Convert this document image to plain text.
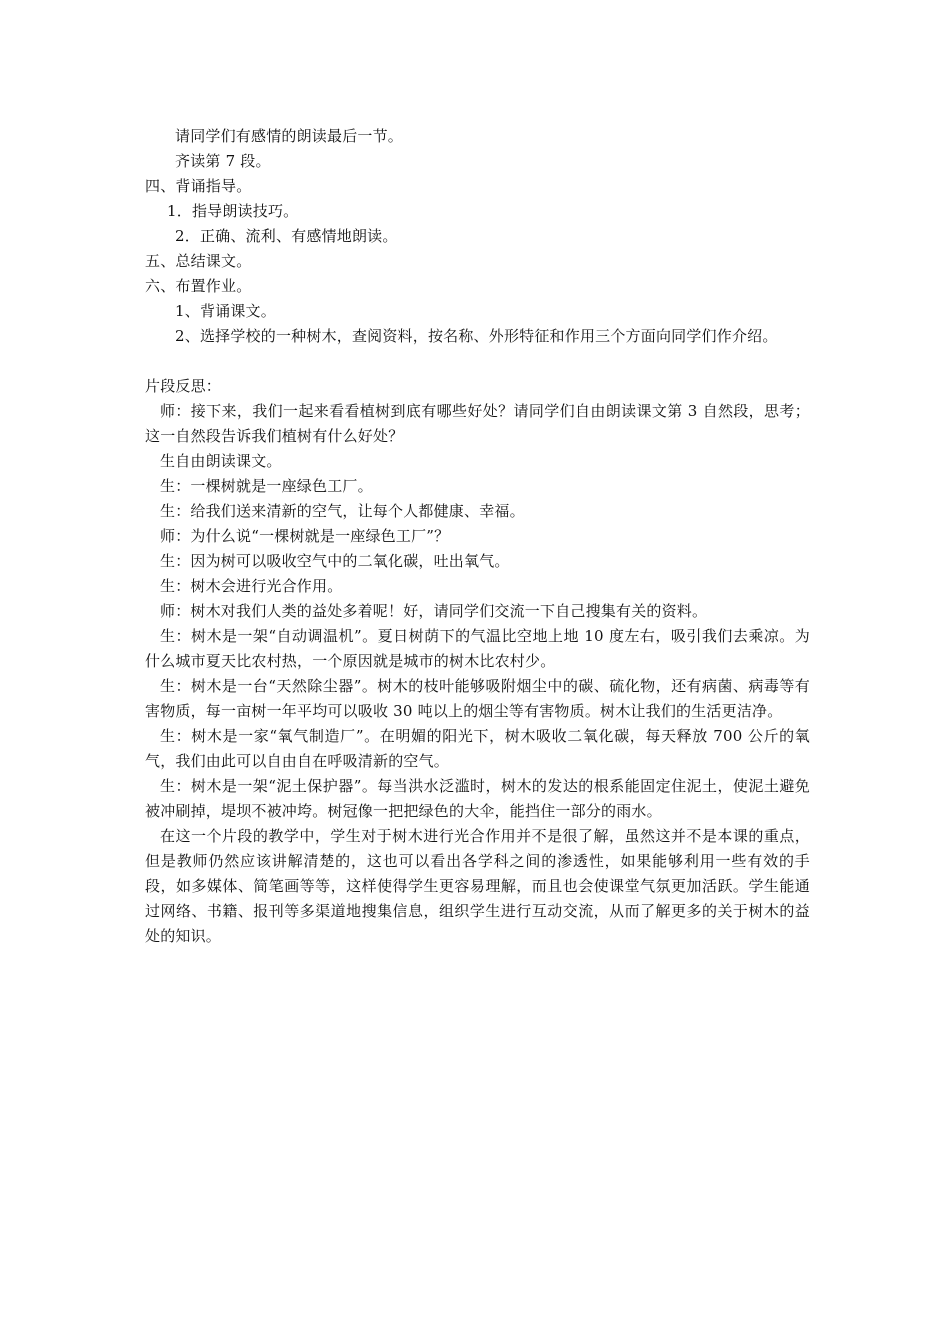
请同学们有感情的朗读最后一节。

齐读第 7 段。

四、背诵指导。

1．指导朗读技巧。

2．正确、流利、有感情地朗读。

五、总结课文。

六、布置作业。

1、背诵课文。

2、选择学校的一种树木，查阅资料，按名称、外形特征和作用三个方面向同学们作介绍。

片段反思：

师：接下来，我们一起来看看植树到底有哪些好处？请同学们自由朗读课文第 3 自然段，思考；这一自然段告诉我们植树有什么好处？

生自由朗读课文。

生：一棵树就是一座绿色工厂。

生：给我们送来清新的空气，让每个人都健康、幸福。

师：为什么说“一棵树就是一座绿色工厂”？

生：因为树可以吸收空气中的二氧化碳，吐出氧气。

生：树木会进行光合作用。

师：树木对我们人类的益处多着呢！好，请同学们交流一下自己搜集有关的资料。

生：树木是一架“自动调温机”。夏日树荫下的气温比空地上地 10 度左右，吸引我们去乘凉。为什么城市夏天比农村热，一个原因就是城市的树木比农村少。

生：树木是一台“天然除尘器”。树木的枝叶能够吸附烟尘中的碳、硫化物，还有病菌、病毒等有害物质，每一亩树一年平均可以吸收 30 吨以上的烟尘等有害物质。树木让我们的生活更洁净。

生：树木是一家“氧气制造厂”。在明媚的阳光下，树木吸收二氧化碳，每天释放 700 公斤的氧气，我们由此可以自由自在呼吸清新的空气。

生：树木是一架“泥土保护器”。每当洪水泛滥时，树木的发达的根系能固定住泥土，使泥土避免被冲刷掉，堤坝不被冲垮。树冠像一把把绿色的大伞，能挡住一部分的雨水。

在这一个片段的教学中，学生对于树木进行光合作用并不是很了解，虽然这并不是本课的重点，但是教师仍然应该讲解清楚的，这也可以看出各学科之间的渗透性，如果能够利用一些有效的手段，如多媒体、简笔画等等，这样使得学生更容易理解，而且也会使课堂气氛更加活跃。学生能通过网络、书籍、报刊等多渠道地搜集信息，组织学生进行互动交流，从而了解更多的关于树木的益处的知识。
